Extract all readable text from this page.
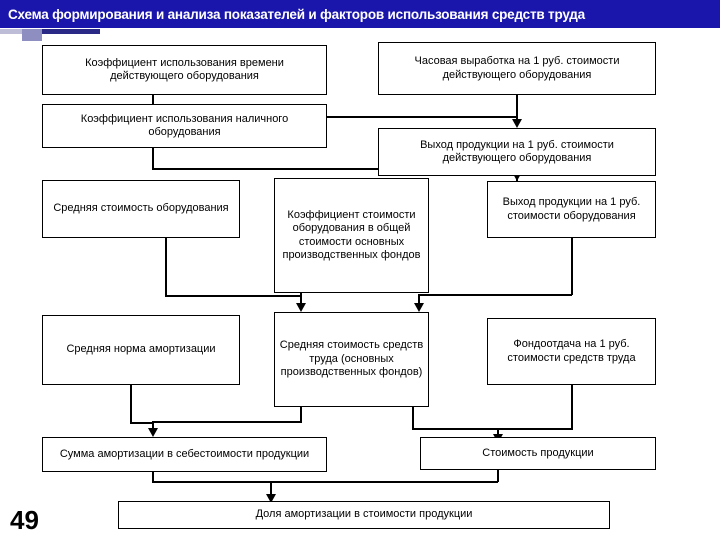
Схема формирования и анализа показателей и факторов использования средств труда
Коэффициент использования времени действующего оборудования
Часовая выработка на 1 руб. стоимости действующего оборудования
Коэффициент использования наличного оборудования
Выход продукции на 1 руб. стоимости действующего оборудования
Средняя стоимость оборудования
Коэффициент стоимости оборудования в общей стоимости основных производственных фондов
Выход продукции на 1 руб. стоимости оборудования
Средняя норма амортизации	Средняя стоимость средств труда (основных производственных фондов)
Фондоотдача на 1 руб. стоимости средств труда
Сумма амортизации в себестоимости продукции	Стоимость продукции
Доля амортизации в стоимости продукции
49
